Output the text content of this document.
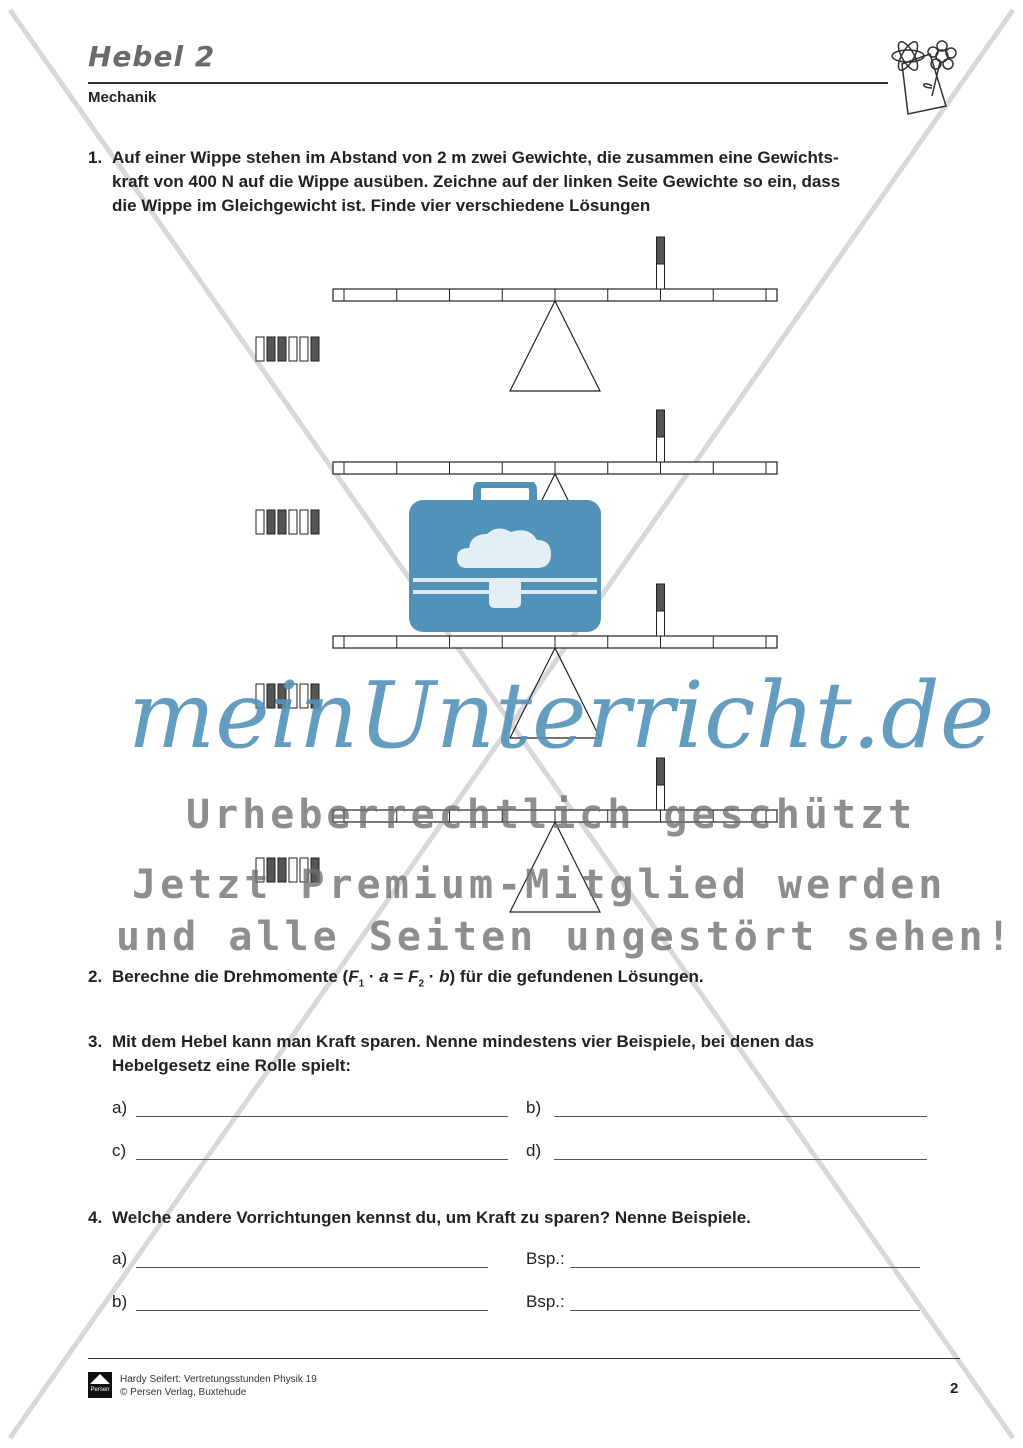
Hebel 2
Mechanik
1. Auf einer Wippe stehen im Abstand von 2 m zwei Gewichte, die zusammen eine Gewichts-
kraft von 400 N auf die Wippe ausüben. Zeichne auf der linken Seite Gewichte so ein, dass
die Wippe im Gleichgewicht ist. Finde vier verschiedene Lösungen
meinUnterricht.de
Urheberrechtlich geschützt
Jetzt Premium-Mitglied werden
und alle Seiten ungestört sehen!
2. Berechne die Drehmomente $(F_1 \cdot a = F_2 \cdot b)$ für die gefundenen Lösungen.
3. Mit dem Hebel kann man Kraft sparen. Nenne mindestens vier Beispiele, bei denen das
Hebelgesetz eine Rolle spielt:
a)	b)
c)	d)
4. Welche andere Vorrichtungen kennst du, um Kraft zu sparen? Nenne Beispiele.
a)	Bsp.:
b)	Bsp.:
Persen
Hardy Seifert: Vertretungsstunden Physik 19
© Persen Verlag, Buxtehude	2
